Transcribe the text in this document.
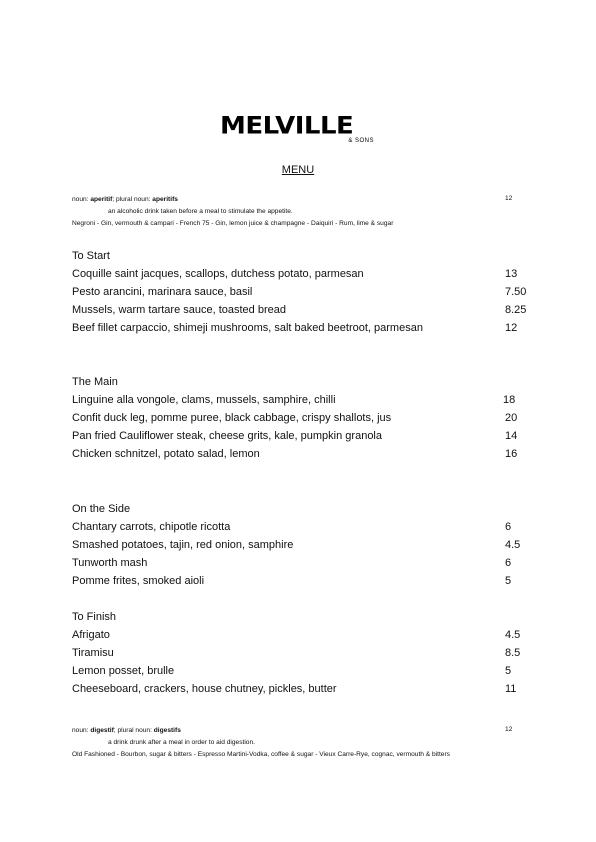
MELVILLE
& SONS
MENU
noun: aperitif; plural noun: aperitifs	12
an alcoholic drink taken before a meal to stimulate the appetite.
Negroni - Gin, vermouth & campari - French 75 - Gin, lemon juice & champagne - Daiquiri - Rum, lime & sugar
To Start
Coquille saint jacques, scallops, dutchess potato, parmesan	13
Pesto arancini, marinara sauce, basil	7.50
Mussels, warm tartare sauce, toasted bread	8.25
Beef fillet carpaccio, shimeji mushrooms, salt baked beetroot, parmesan	12
The Main
Linguine alla vongole, clams, mussels, samphire, chilli	18
Confit duck leg, pomme puree, black cabbage, crispy shallots, jus	20
Pan fried Cauliflower steak, cheese grits, kale, pumpkin granola	14
Chicken schnitzel, potato salad, lemon	16
On the Side
Chantary carrots, chipotle ricotta	6
Smashed potatoes, tajin, red onion, samphire	4.5
Tunworth mash	6
Pomme frites, smoked aioli	5
To Finish
Afrigato	4.5
Tiramisu	8.5
Lemon posset, brulle	5
Cheeseboard, crackers, house chutney, pickles, butter	11
noun: digestif; plural noun: digestifs	12
a drink drunk after a meal in order to aid digestion.
Old Fashioned - Bourbon, sugar & bitters - Espresso Martini-Vodka, coffee & sugar - Vieux Carre-Rye, cognac, vermouth & bitters
